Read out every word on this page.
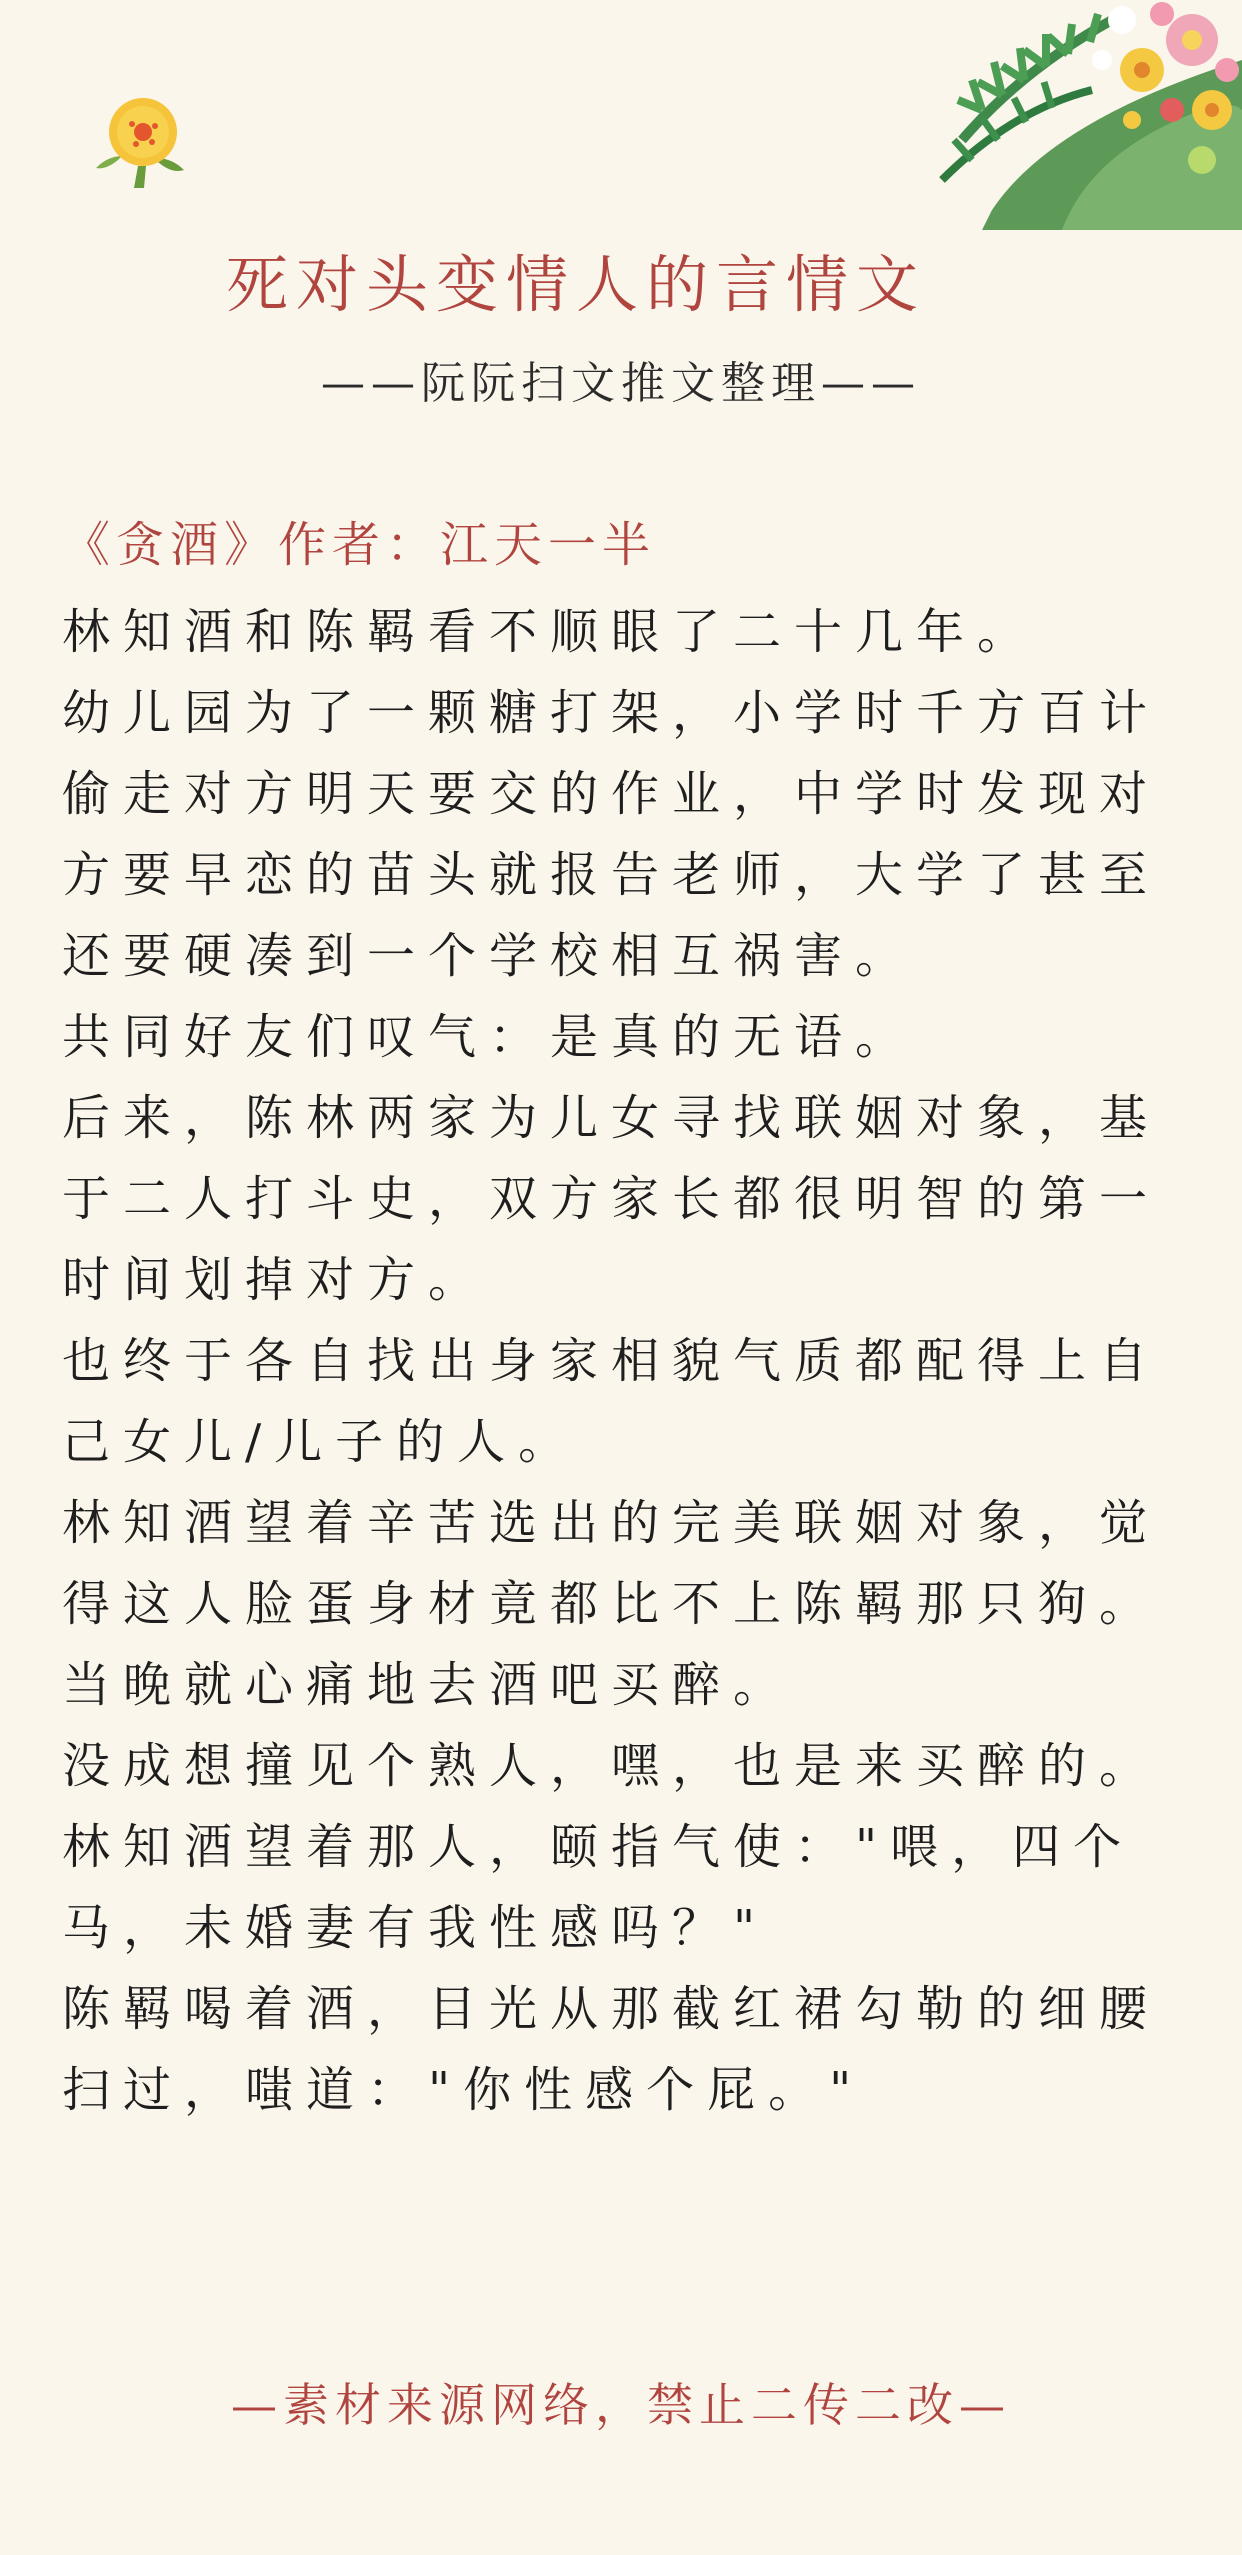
死对头变情人的言情文
——阮阮扫文推文整理——
《贪酒》作者：江天一半

林知酒和陈羁看不顺眼了二十几年。

幼儿园为了一颗糖打架，小学时千方百计偷走对方明天要交的作业，中学时发现对方要早恋的苗头就报告老师，大学了甚至还要硬凑到一个学校相互祸害。

共同好友们叹气：是真的无语。

后来，陈林两家为儿女寻找联姻对象，基于二人打斗史，双方家长都很明智的第一时间划掉对方。

也终于各自找出身家相貌气质都配得上自己女儿/儿子的人。

林知酒望着辛苦选出的完美联姻对象，觉得这人脸蛋身材竟都比不上陈羁那只狗。

当晚就心痛地去酒吧买醉。

没成想撞见个熟人，嘿，也是来买醉的。

林知酒望着那人，颐指气使："喂，四个马，未婚妻有我性感吗？"

陈羁喝着酒，目光从那截红裙勾勒的细腰扫过，嗤道："你性感个屁。"

—素材来源网络，禁止二传二改—
